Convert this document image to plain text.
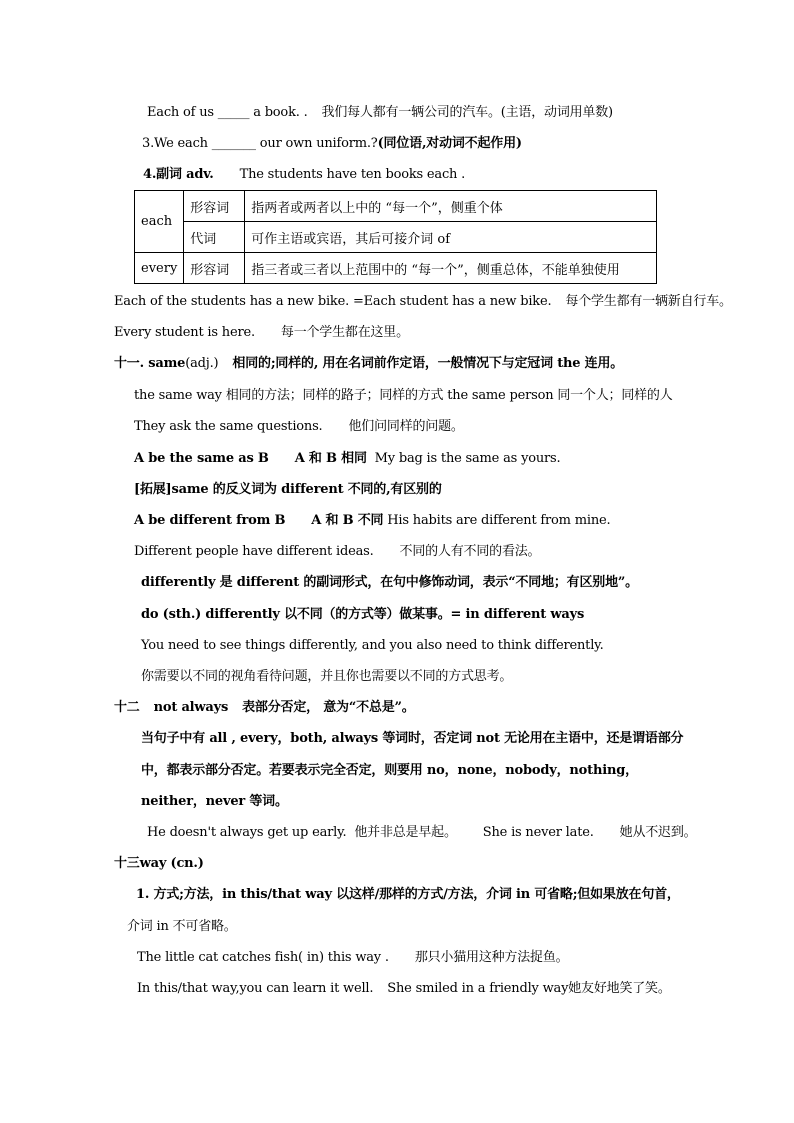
Each of us _____ a book. . 我们每人都有一辆公司的汽车。(主语，动词用单数)
3.We each _______ our own uniform.?(同位语,对动词不起作用)
4.副词 adv. The students have ten books each .
each	形容词	指两者或两者以上中的 “每一个”，侧重个体
	代词	可作主语或宾语，其后可接介词 of
every	形容词	指三者或三者以上范围中的 “每一个”，侧重总体，不能单独使用
Each of the students has a new bike. =Each student has a new bike. 每个学生都有一辆新自行车。
Every student is here. 每一个学生都在这里。
十一. same(adj.) 相同的;同样的, 用在名词前作定语，一般情况下与定冠词 the 连用。
the same way 相同的方法；同样的路子；同样的方式 the same person 同一个人；同样的人
They ask the same questions. 他们问同样的问题。
A be the same as B A 和 B 相同 My bag is the same as yours.
[拓展]same 的反义词为 different 不同的,有区别的
A be different from B A 和 B 不同 His habits are different from mine.
Different people have different ideas. 不同的人有不同的看法。
differently 是 different 的副词形式，在句中修饰动词，表示“不同地；有区别地”。
do (sth.) differently 以不同（的方式等）做某事。= in different ways
You need to see things differently, and you also need to think differently.
你需要以不同的视角看待问题，并且你也需要以不同的方式思考。
十二 not always 表部分否定， 意为“不总是”。
当句子中有 all , every，both, always 等词时，否定词 not 无论用在主语中，还是谓语部分
中，都表示部分否定。若要表示完全否定，则要用 no，none，nobody，nothing，
neither，never 等词。
He doesn't always get up early. 他并非总是早起。 She is never late. 她从不迟到。
十三way (cn.)
1. 方式;方法，in this/that way 以这样/那样的方式/方法，介词 in 可省略;但如果放在句首，
介词 in 不可省略。
The little cat catches fish( in) this way . 那只小猫用这种方法捉鱼。
In this/that way,you can learn it well. She smiled in a friendly way她友好地笑了笑。
